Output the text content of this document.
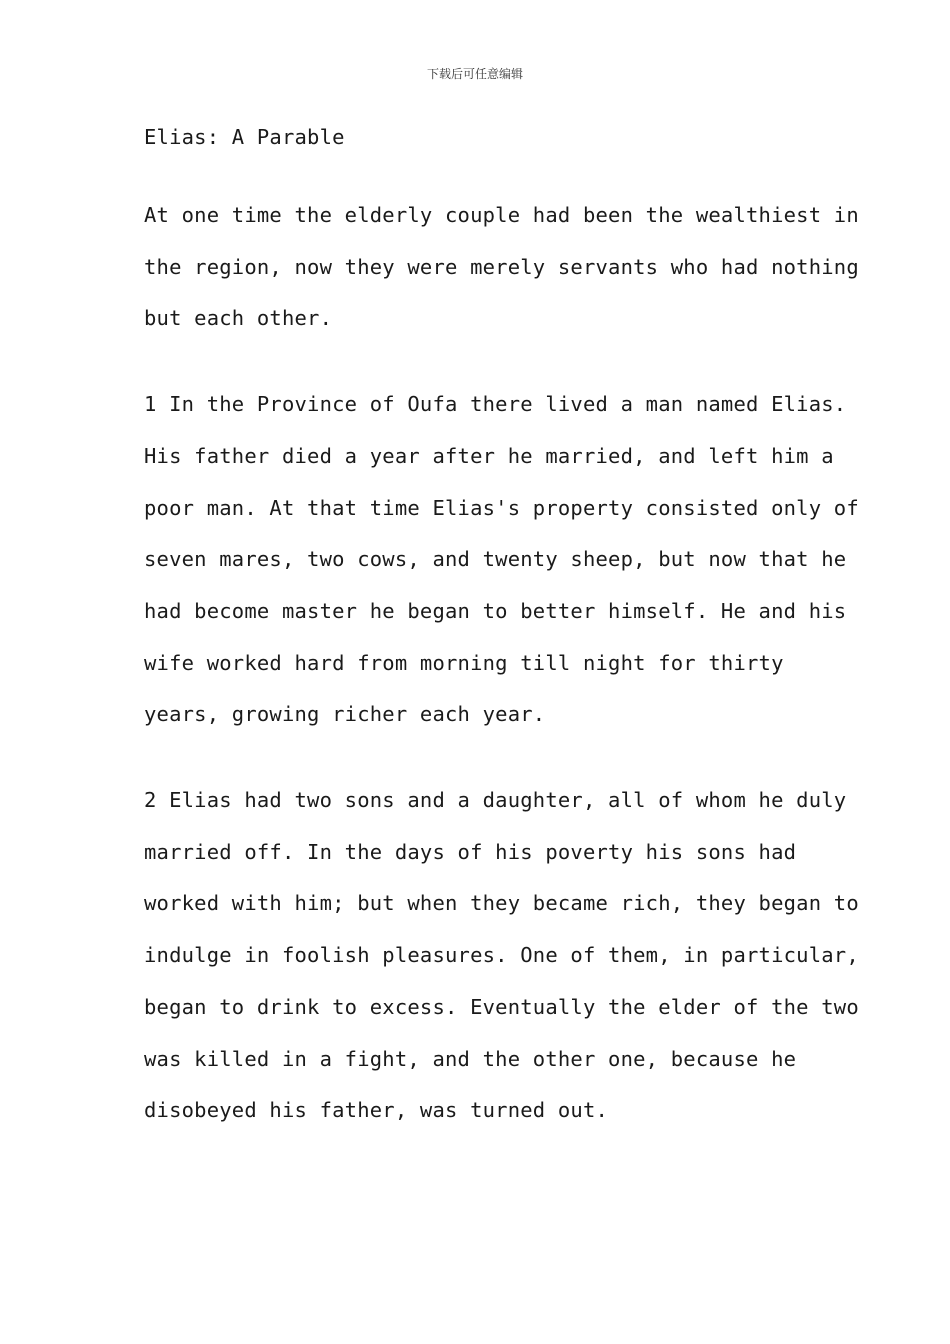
下载后可任意编辑
Elias: A Parable

At one time the elderly couple had been the wealthiest in
the region, now they were merely servants who had nothing
but each other.

1 In the Province of Oufa there lived a man named Elias.
His father died a year after he married, and left him a
poor man. At that time Elias's property consisted only of
seven mares, two cows, and twenty sheep, but now that he
had become master he began to better himself. He and his
wife worked hard from morning till night for thirty
years, growing richer each year.

2 Elias had two sons and a daughter, all of whom he duly
married off. In the days of his poverty his sons had
worked with him; but when they became rich, they began to
indulge in foolish pleasures. One of them, in particular,
began to drink to excess. Eventually the elder of the two
was killed in a fight, and the other one, because he
disobeyed his father, was turned out.
